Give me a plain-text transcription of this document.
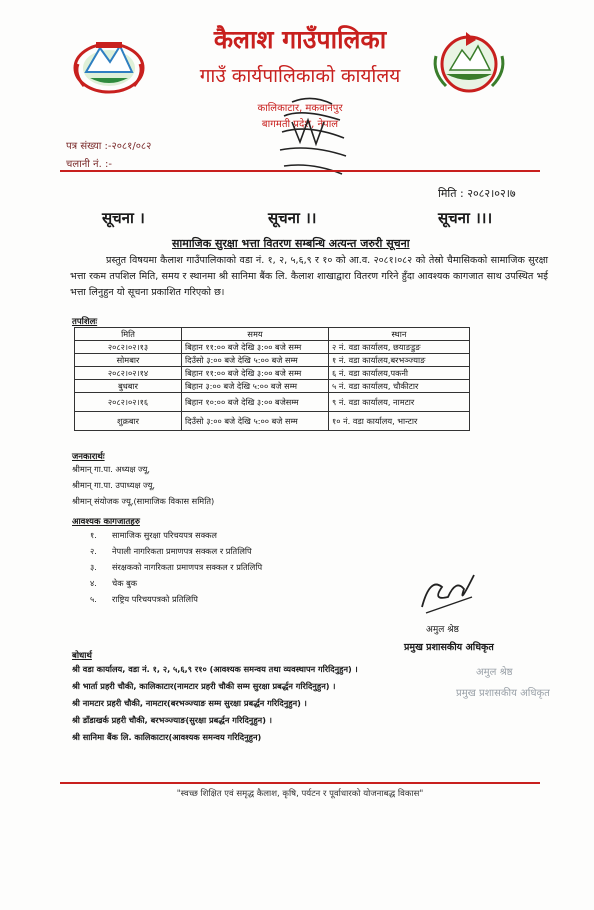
कैलाश गाउँपालिका
गाउँ कार्यपालिकाको कार्यालय
कालिकाटार, मकवानपुर
बागमती प्रदेश, नेपाल
पत्र संख्या :-२०८१/०८२
चलानी नं. :-
मिति : २०८२।०२।७
सूचना ।	सूचना ।।	सूचना ।।।
सामाजिक सुरक्षा भत्ता वितरण सम्बन्धि अत्यन्त जरुरी सूचना
प्रस्तुत विषयमा कैलाश गाउँपालिकाको वडा नं. १, २, ५,६,९ र १० को आ.व. २०८१।०८२ को तेस्रो चैमासिकको सामाजिक सुरक्षा भत्ता रकम तपशिल मिति, समय र स्थानमा श्री सानिमा बैंक लि. कैलाश शाखाद्वारा वितरण गरिने हुँदा आवश्यक कागजात साथ उपस्थित भई भत्ता लिनुहुन यो सूचना प्रकाशित गरिएको छ।
तपशिलः
मिति	समय	स्थान
२०८२।०२।१३	बिहान ११:०० बजे देखि ३:०० बजे सम्म	२ नं. वडा कार्यालय, छयाङडुङ
सोमबार	दिउँसो ३:०० बजे देखि ५:०० बजे सम्म	१ नं. वडा कार्यालय,बरभञ्ज्याङ
२०८२।०२।१४	बिहान ११:०० बजे देखि ३:०० बजे सम्म	६ नं. वडा कार्यालय,पकनी
बुधबार	बिहान ३:०० बजे देखि ५:०० बजे सम्म	५ नं. वडा कार्यालय, चौकीटार
२०८२।०२।१६	बिहान १०:०० बजे देखि ३:०० बजेसम्म	९ नं. वडा कार्यालय, नामटार
शुक्रबार	दिउँसो ३:०० बजे देखि ५:०० बजे सम्म	१० नं. वडा कार्यालय, भान्टार
जनकारार्थः
श्रीमान् गा.पा. अध्यक्ष ज्यू,
श्रीमान् गा.पा. उपाध्यक्ष ज्यू,
श्रीमान् संयोजक ज्यू,(सामाजिक विकास समिति)
आवश्यक कागजातहरु
१. सामाजिक सुरक्षा परिचयपत्र सक्कल
२. नेपाली नागरिकता प्रमाणपत्र सक्कल र प्रतिलिपि
३. संरक्षकको नागरिकता प्रमाणपत्र सक्कल र प्रतिलिपि
४. चेक बुक
५. राष्ट्रिय परिचयपत्रको प्रतिलिपि
अमुल श्रेष्ठ
प्रमुख प्रशासकीय अधिकृत
अमुल श्रेष्ठ
प्रमुख प्रशासकीय अधिकृत
बोधार्थ
श्री वडा कार्यालय, वडा नं. १, २, ५,६,९ र१० (आवश्यक समन्वय तथा व्यवस्थापन गरिदिनुहुन) ।
श्री भार्ता प्रहरी चौकी, कालिकाटार(नामटार प्रहरी चौकी सम्म सुरक्षा प्रबर्द्धन गरिदिनुहुन) ।
श्री नामटार प्रहरी चौकी, नामटार(बरभञ्ज्याङ सम्म सुरक्षा प्रबर्द्धन गरिदिनुहुन) ।
श्री डाँडाखर्क प्रहरी चौकी, बरभञ्ज्याङ(सुरक्षा प्रबर्द्धन गरिदिनुहुन) ।
श्री सानिमा बैंक लि. कालिकाटार(आवश्यक समन्वय गरिदिनुहुन)
"स्वच्छ शिक्षित एवं समृद्ध कैलाश, कृषि, पर्यटन र पूर्वाधारको योजनाबद्ध विकास"
